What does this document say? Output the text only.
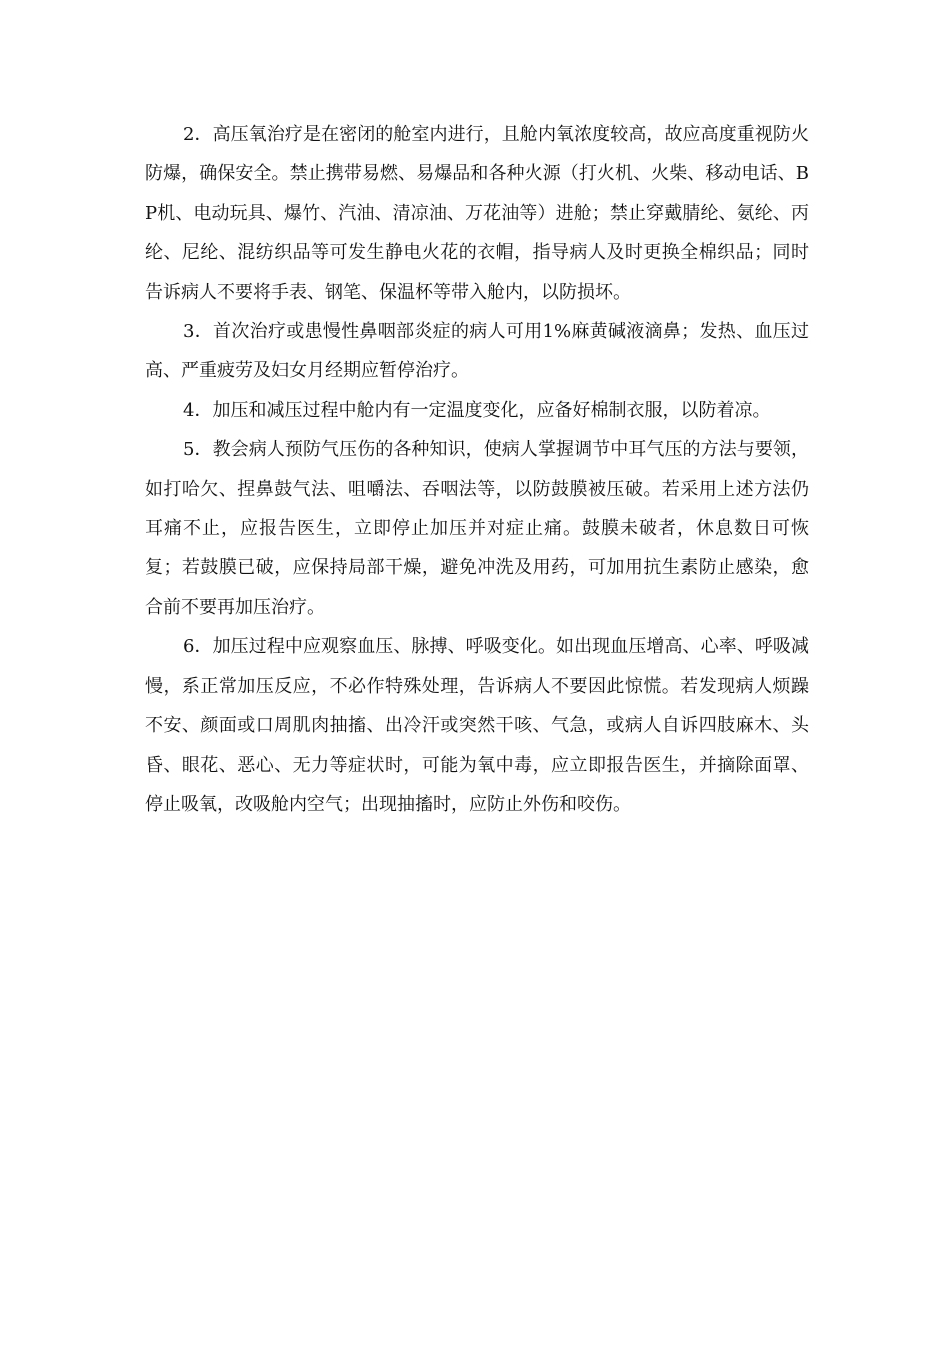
2．高压氧治疗是在密闭的舱室内进行，且舱内氧浓度较高，故应高度重视防火防爆，确保安全。禁止携带易燃、易爆品和各种火源（打火机、火柴、移动电话、BP机、电动玩具、爆竹、汽油、清凉油、万花油等）进舱；禁止穿戴腈纶、氨纶、丙纶、尼纶、混纺织品等可发生静电火花的衣帽，指导病人及时更换全棉织品；同时告诉病人不要将手表、钢笔、保温杯等带入舱内，以防损坏。

3．首次治疗或患慢性鼻咽部炎症的病人可用1%麻黄碱液滴鼻；发热、血压过高、严重疲劳及妇女月经期应暂停治疗。

4．加压和减压过程中舱内有一定温度变化，应备好棉制衣服，以防着凉。

5．教会病人预防气压伤的各种知识，使病人掌握调节中耳气压的方法与要领，如打哈欠、捏鼻鼓气法、咀嚼法、吞咽法等，以防鼓膜被压破。若采用上述方法仍耳痛不止，应报告医生，立即停止加压并对症止痛。鼓膜未破者，休息数日可恢复；若鼓膜已破，应保持局部干燥，避免冲洗及用药，可加用抗生素防止感染，愈合前不要再加压治疗。

6．加压过程中应观察血压、脉搏、呼吸变化。如出现血压增高、心率、呼吸减慢，系正常加压反应，不必作特殊处理，告诉病人不要因此惊慌。若发现病人烦躁不安、颜面或口周肌肉抽搐、出冷汗或突然干咳、气急，或病人自诉四肢麻木、头昏、眼花、恶心、无力等症状时，可能为氧中毒，应立即报告医生，并摘除面罩、停止吸氧，改吸舱内空气；出现抽搐时，应防止外伤和咬伤。
